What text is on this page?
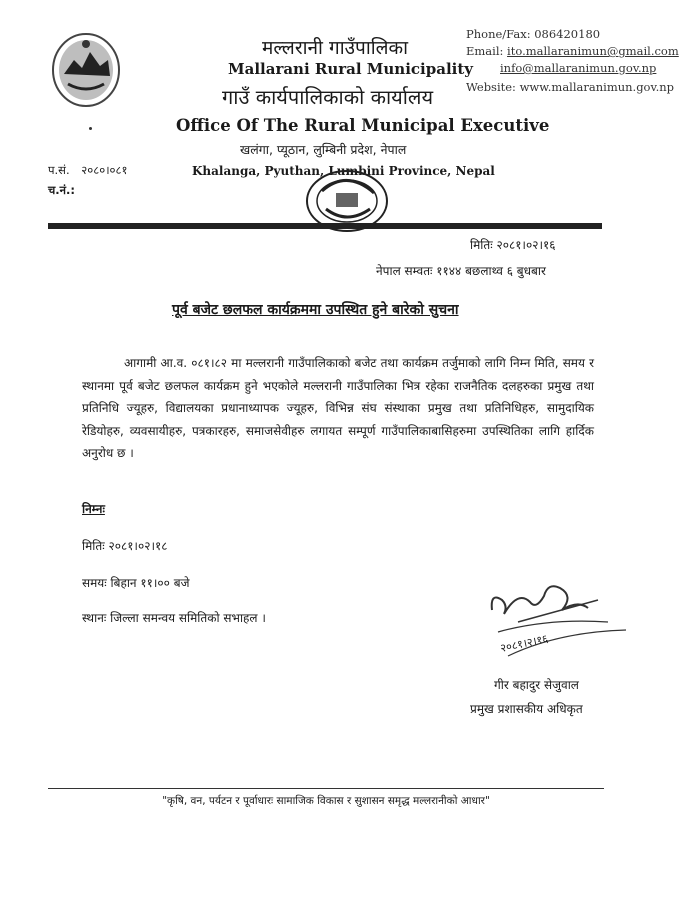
मल्लरानी गाउँपालिका
Mallarani Rural Municipality
गाउँ कार्यपालिकाको कार्यालय
Office Of The Rural Municipal Executive
खलंगा, प्यूठान, लुम्बिनी प्रदेश, नेपाल
Khalanga, Pyuthan, Lumbini Province, Nepal
Phone/Fax: 086420180
Email: ito.mallaranimun@gmail.com
info@mallaranimun.gov.np
Website: www.mallaranimun.gov.np
प.सं. २०८०।०८१
च.नं.:
मितिः २०८१।०२।१६
नेपाल सम्वतः ११४४ बछलाथ्व ६ बुधबार
पूर्व बजेट छलफल कार्यक्रममा उपस्थित हुने बारेको सुचना
आगामी आ.व. ०८१।८२ मा मल्लरानी गाउँपालिकाको बजेट तथा कार्यक्रम तर्जुमाको लागि निम्न मिति, समय र स्थानमा पूर्व बजेट छलफल कार्यक्रम हुने भएकोले मल्लरानी गाउँपालिका भित्र रहेका राजनैतिक दलहरुका प्रमुख तथा प्रतिनिधि ज्यूहरु, विद्यालयका प्रधानाध्यापक ज्यूहरु, विभिन्न संघ संस्थाका प्रमुख तथा प्रतिनिधिहरु, सामुदायिक रेडियोहरु, व्यवसायीहरु, पत्रकारहरु, समाजसेवीहरु लगायत सम्पूर्ण गाउँपालिकाबासिहरुमा उपस्थितिका लागि हार्दिक अनुरोध छ ।
निम्नः
मितिः २०८१।०२।१८
समयः बिहान ११।०० बजे
स्थानः जिल्ला समन्वय समितिको सभाहल ।
२०८१।२।१६
गीर बहादुर सेजुवाल
प्रमुख प्रशासकीय अधिकृत
"कृषि, वन, पर्यटन र पूर्वाधारः सामाजिक विकास र सुशासन समृद्ध मल्लरानीको आधार"
